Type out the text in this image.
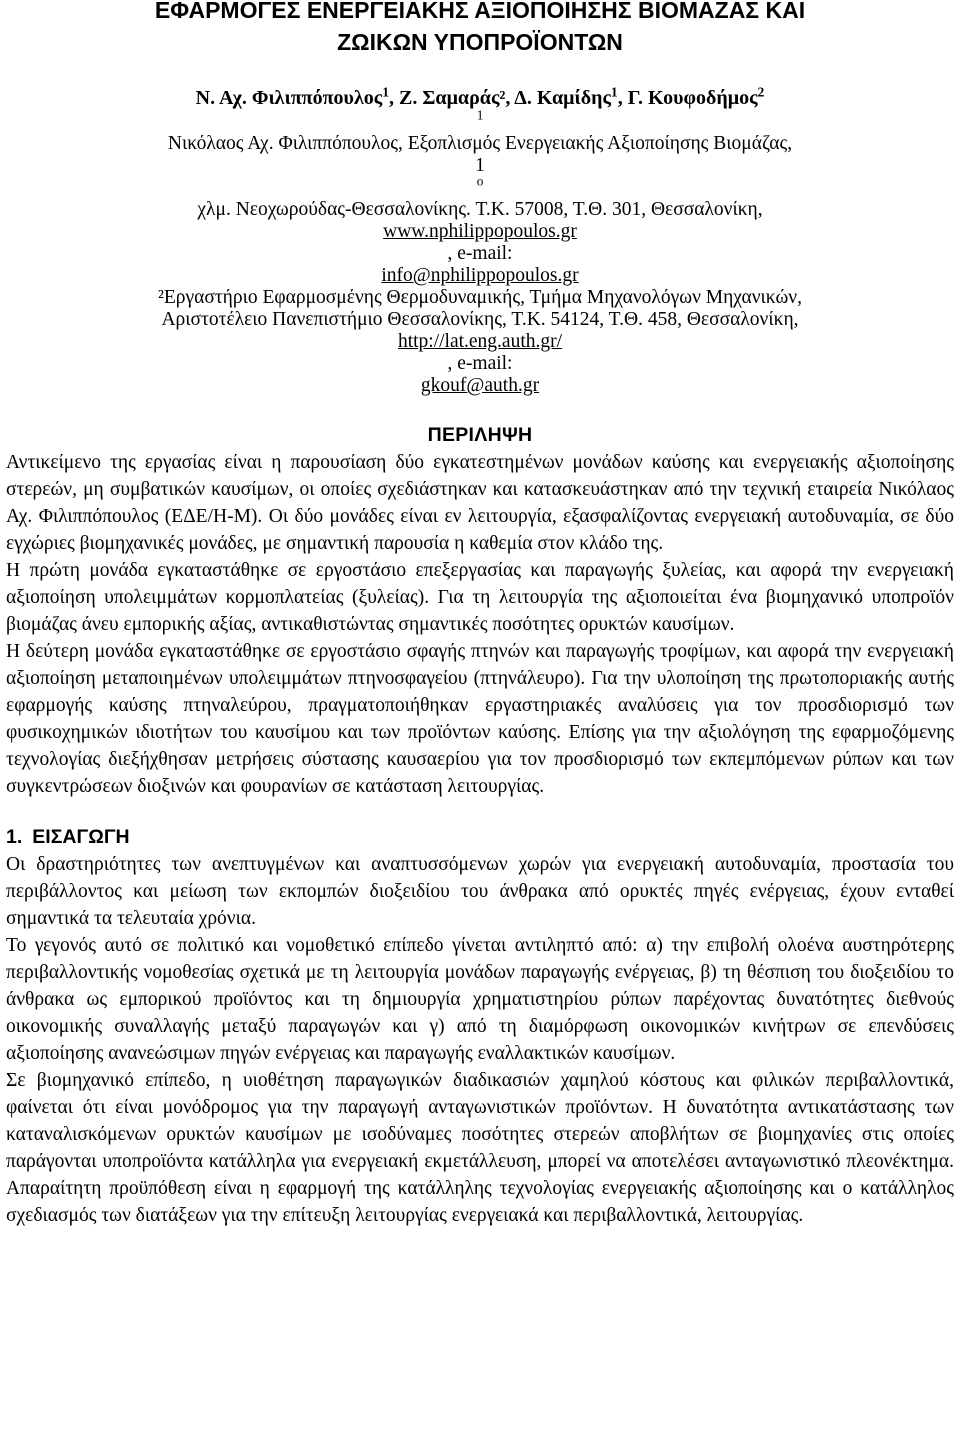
ΕΦΑΡΜΟΓΕΣ ΕΝΕΡΓΕΙΑΚΗΣ ΑΞΙΟΠΟΙΗΣΗΣ ΒΙΟΜΑΖΑΣ ΚΑΙ
ΖΩΙΚΩΝ ΥΠΟΠΡΟΪΟΝΤΩΝ
Ν. Αχ. Φιλιππόπουλος$^1$, Ζ. Σαμαράς², Δ. Καμίδης$^1$, Γ. Κουφοδήμος$^2$
$^1$
Νικόλαος Αχ. Φιλιππόπουλος, Εξοπλισμός Ενεργειακής Αξιοποίησης Βιομάζας,
1
$^o$
χλμ. Νεοχωρούδας-Θεσσαλονίκης. Τ.Κ. 57008, Τ.Θ. 301, Θεσσαλονίκη,
www.nphilippopoulos.gr
, e-mail:
info@nphilippopoulos.gr
²Εργαστήριο Εφαρμοσμένης Θερμοδυναμικής, Τμήμα Μηχανολόγων Μηχανικών,
Αριστοτέλειο Πανεπιστήμιο Θεσσαλονίκης, Τ.Κ. 54124, Τ.Θ. 458, Θεσσαλονίκη,
http://lat.eng.auth.gr/
, e-mail:
gkouf@auth.gr
ΠΕΡΙΛΗΨΗ

Αντικείμενο της εργασίας είναι η παρουσίαση δύο εγκατεστημένων μονάδων καύσης και ενεργειακής αξιοποίησης στερεών, μη συμβατικών καυσίμων, οι οποίες σχεδιάστηκαν και κατασκευάστηκαν από την τεχνική εταιρεία Νικόλαος Αχ. Φιλιππόπουλος (ΕΔΕ/Η-Μ). Οι δύο μονάδες είναι εν λειτουργία, εξασφαλίζοντας ενεργειακή αυτοδυναμία, σε δύο εγχώριες βιομηχανικές μονάδες, με σημαντική παρουσία η καθεμία στον κλάδο της.

Η πρώτη μονάδα εγκαταστάθηκε σε εργοστάσιο επεξεργασίας και παραγωγής ξυλείας, και αφορά την ενεργειακή αξιοποίηση υπολειμμάτων κορμοπλατείας (ξυλείας). Για τη λειτουργία της αξιοποιείται ένα βιομηχανικό υποπροϊόν βιομάζας άνευ εμπορικής αξίας, αντικαθιστώντας σημαντικές ποσότητες ορυκτών καυσίμων.

Η δεύτερη μονάδα εγκαταστάθηκε σε εργοστάσιο σφαγής πτηνών και παραγωγής τροφίμων, και αφορά την ενεργειακή αξιοποίηση μεταποιημένων υπολειμμάτων πτηνοσφαγείου (πτηνάλευρο). Για την υλοποίηση της πρωτοποριακής αυτής εφαρμογής καύσης πτηναλεύρου, πραγματοποιήθηκαν εργαστηριακές αναλύσεις για τον προσδιορισμό των φυσικοχημικών ιδιοτήτων του καυσίμου και των προϊόντων καύσης. Επίσης για την αξιολόγηση της εφαρμοζόμενης τεχνολογίας διεξήχθησαν μετρήσεις σύστασης καυσαερίου για τον προσδιορισμό των εκπεμπόμενων ρύπων και των συγκεντρώσεων διοξινών και φουρανίων σε κατάσταση λειτουργίας.

1. ΕΙΣΑΓΩΓΗ

Οι δραστηριότητες των ανεπτυγμένων και αναπτυσσόμενων χωρών για ενεργειακή αυτοδυναμία, προστασία του περιβάλλοντος και μείωση των εκπομπών διοξειδίου του άνθρακα από ορυκτές πηγές ενέργειας, έχουν ενταθεί σημαντικά τα τελευταία χρόνια.

Το γεγονός αυτό σε πολιτικό και νομοθετικό επίπεδο γίνεται αντιληπτό από: α) την επιβολή ολοένα αυστηρότερης περιβαλλοντικής νομοθεσίας σχετικά με τη λειτουργία μονάδων παραγωγής ενέργειας, β) τη θέσπιση του διοξειδίου το άνθρακα ως εμπορικού προϊόντος και τη δημιουργία χρηματιστηρίου ρύπων παρέχοντας δυνατότητες διεθνούς οικονομικής συναλλαγής μεταξύ παραγωγών και γ) από τη διαμόρφωση οικονομικών κινήτρων σε επενδύσεις αξιοποίησης ανανεώσιμων πηγών ενέργειας και παραγωγής εναλλακτικών καυσίμων.

Σε βιομηχανικό επίπεδο, η υιοθέτηση παραγωγικών διαδικασιών χαμηλού κόστους και φιλικών περιβαλλοντικά, φαίνεται ότι είναι μονόδρομος για την παραγωγή ανταγωνιστικών προϊόντων. Η δυνατότητα αντικατάστασης των καταναλισκόμενων ορυκτών καυσίμων με ισοδύναμες ποσότητες στερεών αποβλήτων σε βιομηχανίες στις οποίες παράγονται υποπροϊόντα κατάλληλα για ενεργειακή εκμετάλλευση, μπορεί να αποτελέσει ανταγωνιστικό πλεονέκτημα. Απαραίτητη προϋπόθεση είναι η εφαρμογή της κατάλληλης τεχνολογίας ενεργειακής αξιοποίησης και ο κατάλληλος σχεδιασμός των διατάξεων για την επίτευξη λειτουργίας ενεργειακά και περιβαλλοντικά, λειτουργίας.
